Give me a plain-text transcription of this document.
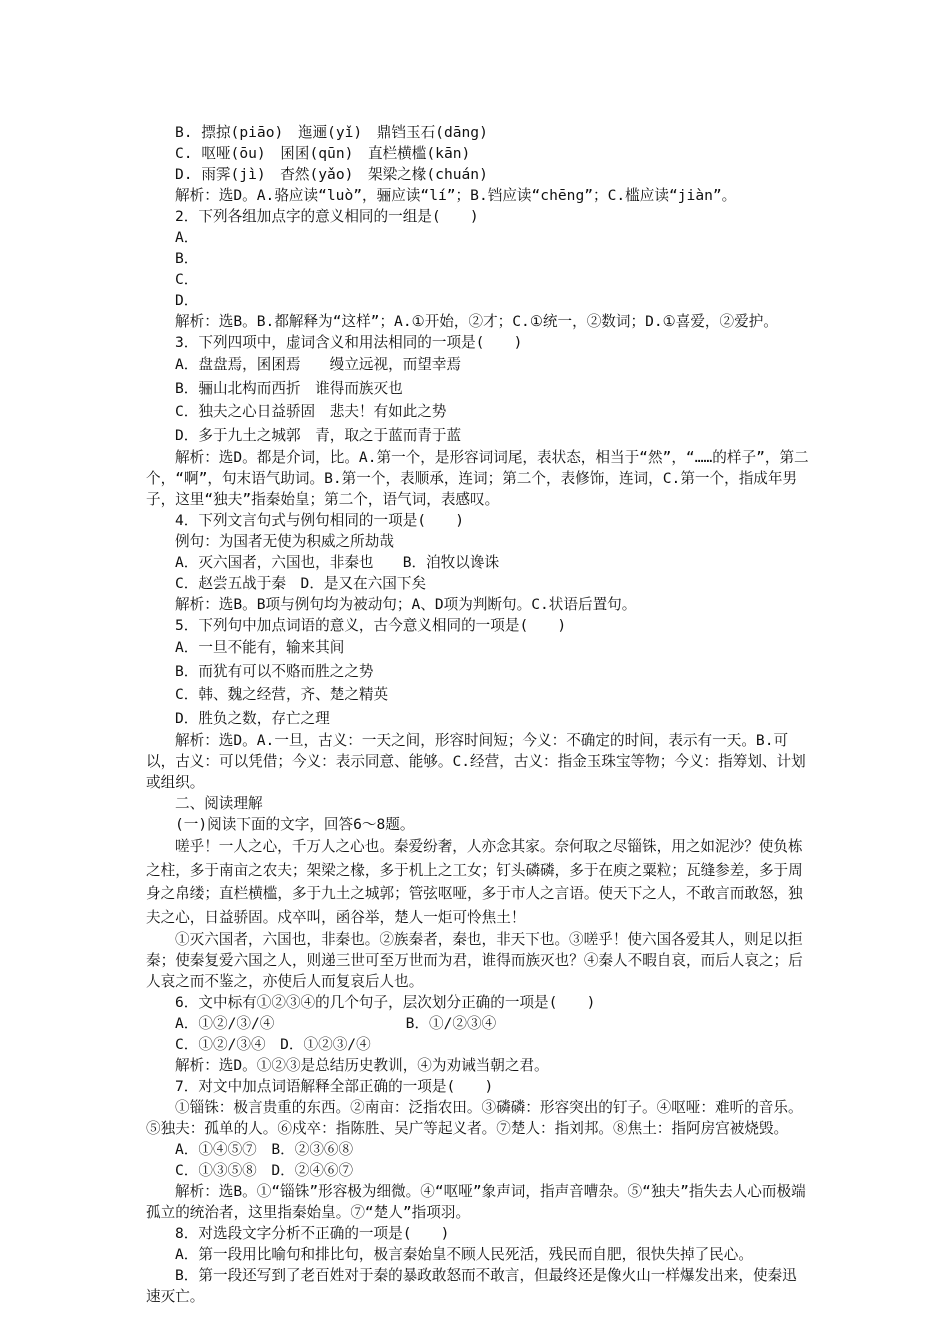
B. 摽掠(piāo)　迤逦(yǐ)　鼎铛玉石(dāng)

C. 呕哑(ōu)　囷囷(qūn)　直栏横槛(kān)

D. 雨霁(jì)　杳然(yǎo)　架梁之椽(chuán)

解析：选D。A.骆应读“luò”，骊应读“lí”；B.铛应读“chēng”；C.槛应读“jiàn”。

2．下列各组加点字的意义相同的一组是(　　)

A．

B．

C．

D．

解析：选B。B.都解释为“这样”；A.①开始，②才；C.①统一，②数词；D.①喜爱，②爱护。

3．下列四项中，虚词含义和用法相同的一项是(　　)

A．盘盘焉，囷囷焉　　缦立远视，而望幸焉

B．骊山北构而西折　谁得而族灭也

C．独夫之心日益骄固　悲夫！有如此之势

D．多于九土之城郭　青，取之于蓝而青于蓝

解析：选D。都是介词，比。A.第一个，是形容词词尾，表状态，相当于“然”，“……的样子”，第二个，“啊”，句末语气助词。B.第一个，表顺承，连词；第二个，表修饰，连词，C.第一个，指成年男子，这里“独夫”指秦始皇；第二个，语气词，表感叹。

4．下列文言句式与例句相同的一项是(　　)

例句：为国者无使为积威之所劫哉

A．灭六国者，六国也，非秦也　　B．洎牧以谗诛

C．赵尝五战于秦　D．是又在六国下矣

解析：选B。B项与例句均为被动句；A、D项为判断句。C.状语后置句。

5．下列句中加点词语的意义，古今意义相同的一项是(　　)

A．一旦不能有，输来其间

B．而犹有可以不赂而胜之之势

C．韩、魏之经营，齐、楚之精英

D．胜负之数，存亡之理

解析：选D。A.一旦，古义：一天之间，形容时间短；今义：不确定的时间，表示有一天。B.可以，古义：可以凭借；今义：表示同意、能够。C.经营，古义：指金玉珠宝等物；今义：指筹划、计划或组织。

二、阅读理解

(一)阅读下面的文字，回答6～8题。

嗟乎！一人之心，千万人之心也。秦爱纷奢，人亦念其家。奈何取之尽锱铢，用之如泥沙？使负栋之柱，多于南亩之农夫；架梁之椽，多于机上之工女；钉头磷磷，多于在庾之粟粒；瓦缝参差，多于周身之帛缕；直栏横槛，多于九土之城郭；管弦呕哑，多于市人之言语。使天下之人，不敢言而敢怒，独夫之心，日益骄固。戍卒叫，函谷举，楚人一炬可怜焦土！

①灭六国者，六国也，非秦也。②族秦者，秦也，非天下也。③嗟乎！使六国各爱其人，则足以拒秦；使秦复爱六国之人，则递三世可至万世而为君，谁得而族灭也？④秦人不暇自哀，而后人哀之；后人哀之而不鉴之，亦使后人而复哀后人也。

6．文中标有①②③④的几个句子，层次划分正确的一项是(　　)

A．①②/③/④　　　　　　　　　B．①/②③④

C．①②/③④　D．①②③/④

解析：选D。①②③是总结历史教训，④为劝诫当朝之君。

7．对文中加点词语解释全部正确的一项是(　　)

①锱铢：极言贵重的东西。②南亩：泛指农田。③磷磷：形容突出的钉子。④呕哑：难听的音乐。⑤独夫：孤单的人。⑥戍卒：指陈胜、吴广等起义者。⑦楚人：指刘邦。⑧焦土：指阿房宫被烧毁。

A．①④⑤⑦　B．②③⑥⑧

C．①③⑤⑧　D．②④⑥⑦

解析：选B。①“锱铢”形容极为细微。④“呕哑”象声词，指声音嘈杂。⑤“独夫”指失去人心而极端孤立的统治者，这里指秦始皇。⑦“楚人”指项羽。

8．对选段文字分析不正确的一项是(　　)

A．第一段用比喻句和排比句，极言秦始皇不顾人民死活，残民而自肥，很快失掉了民心。

B．第一段还写到了老百姓对于秦的暴政敢怒而不敢言，但最终还是像火山一样爆发出来，使秦迅速灭亡。
